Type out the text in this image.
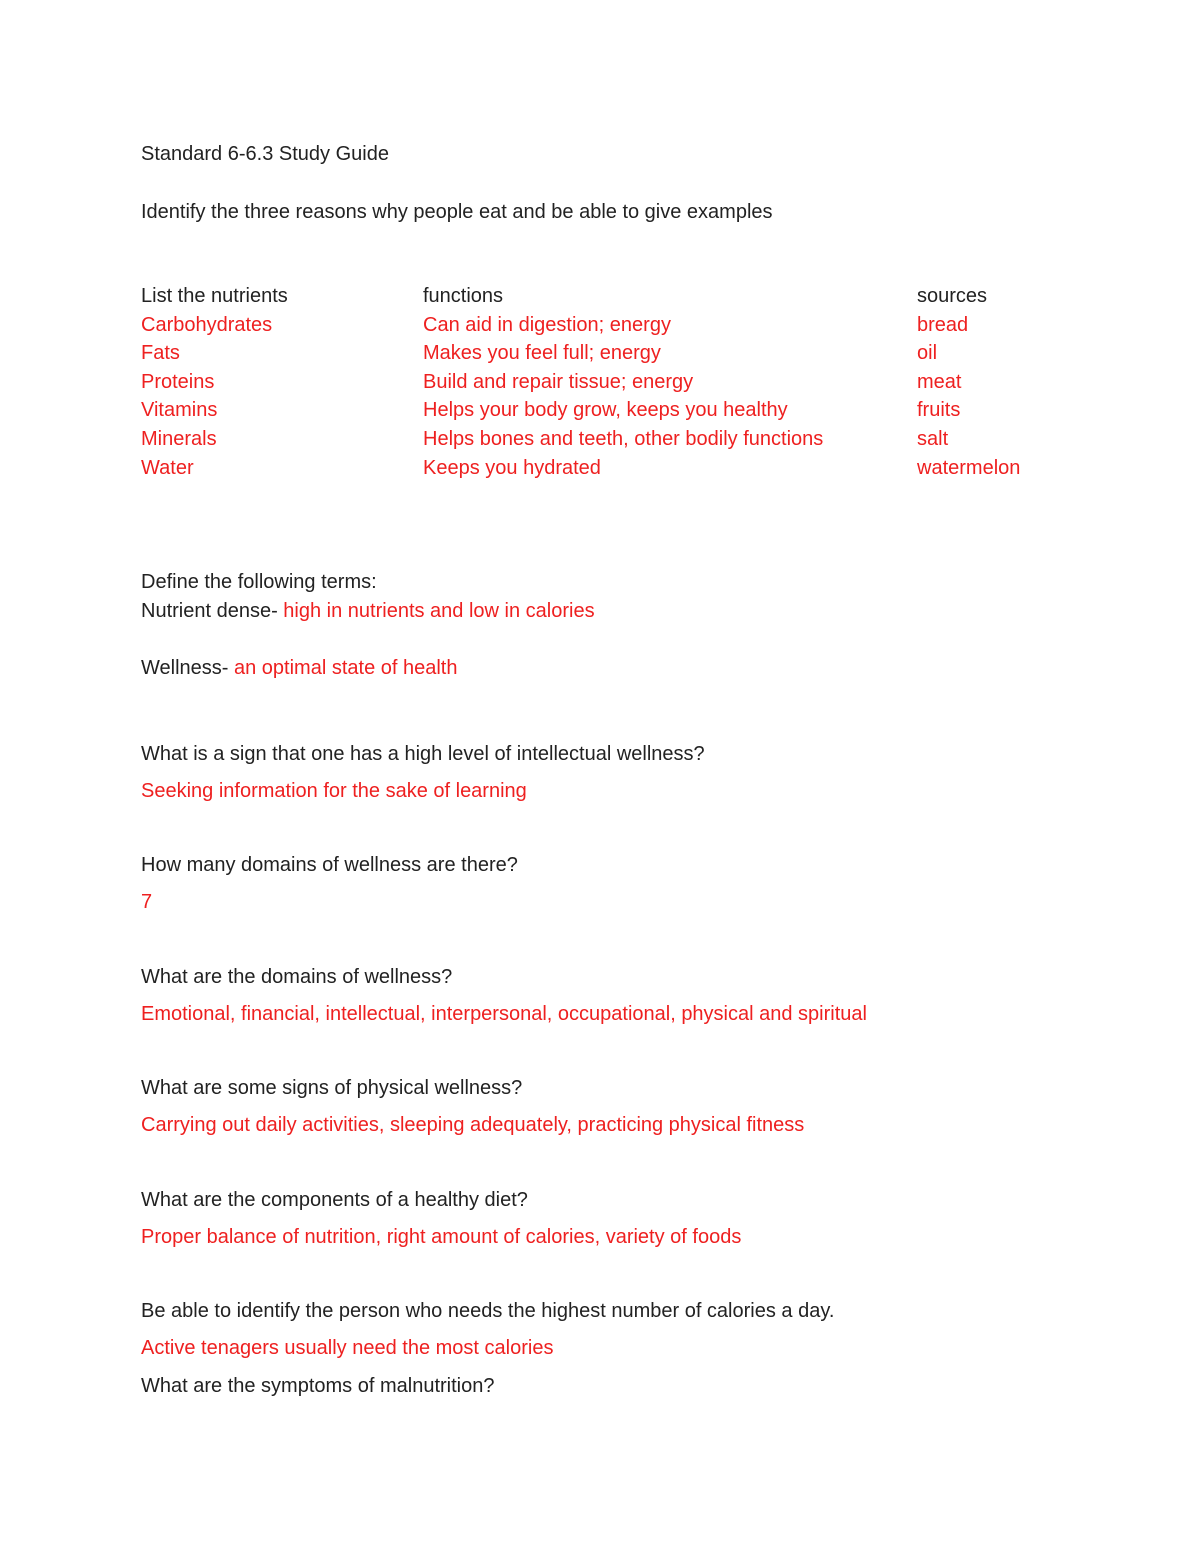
Standard 6-6.3 Study Guide
Identify the three reasons why people eat and be able to give examples
List the nutrients	functions	sources
Carbohydrates	Can aid in digestion; energy	bread
Fats	Makes you feel full; energy	oil
Proteins	Build and repair tissue; energy	meat
Vitamins	Helps your body grow, keeps you healthy	fruits
Minerals	Helps bones and teeth, other bodily functions	salt
Water	Keeps you hydrated	watermelon
Define the following terms:
Nutrient dense- high in nutrients and low in calories
Wellness- an optimal state of health
What is a sign that one has a high level of intellectual wellness?
Seeking information for the sake of learning
How many domains of wellness are there?
7
What are the domains of wellness?
Emotional, financial, intellectual, interpersonal, occupational, physical and spiritual
What are some signs of physical wellness?
Carrying out daily activities, sleeping adequately, practicing physical fitness
What are the components of a healthy diet?
Proper balance of nutrition, right amount of calories, variety of foods
Be able to identify the person who needs the highest number of calories a day.
Active tenagers usually need the most calories
What are the symptoms of malnutrition?
